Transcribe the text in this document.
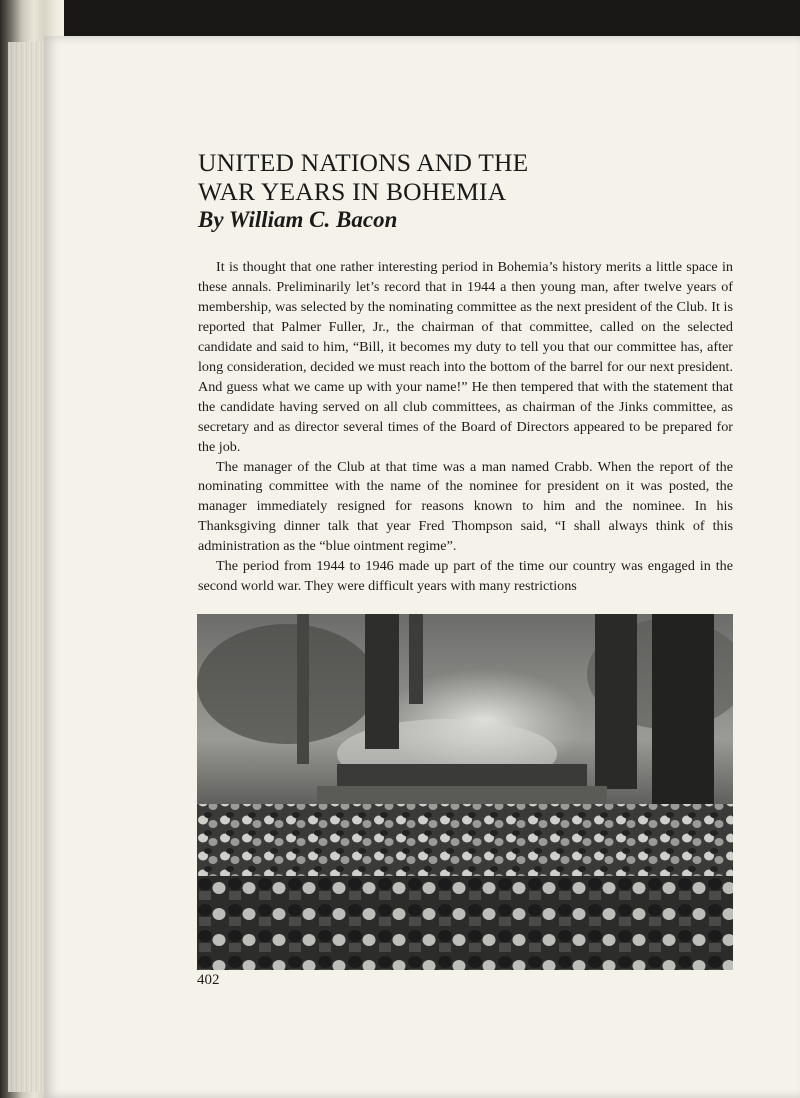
UNITED NATIONS AND THE
WAR YEARS IN BOHEMIA
By William C. Bacon

It is thought that one rather interesting period in Bohemia’s history merits a little space in these annals. Preliminarily let’s record that in 1944 a then young man, after twelve years of membership, was selected by the nominating committee as the next president of the Club. It is reported that Palmer Fuller, Jr., the chairman of that committee, called on the selected candidate and said to him, “Bill, it becomes my duty to tell you that our committee has, after long consideration, decided we must reach into the bottom of the barrel for our next president. And guess what we came up with your name!” He then tempered that with the statement that the candidate having served on all club committees, as chairman of the Jinks committee, as secretary and as director several times of the Board of Directors appeared to be prepared for the job.

The manager of the Club at that time was a man named Crabb. When the report of the nominating committee with the name of the nominee for president on it was posted, the manager immediately resigned for reasons known to him and the nominee. In his Thanksgiving dinner talk that year Fred Thompson said, “I shall always think of this administration as the “blue ointment regime”.

The period from 1944 to 1946 made up part of the time our country was engaged in the second world war. They were difficult years with many restrictions

402
